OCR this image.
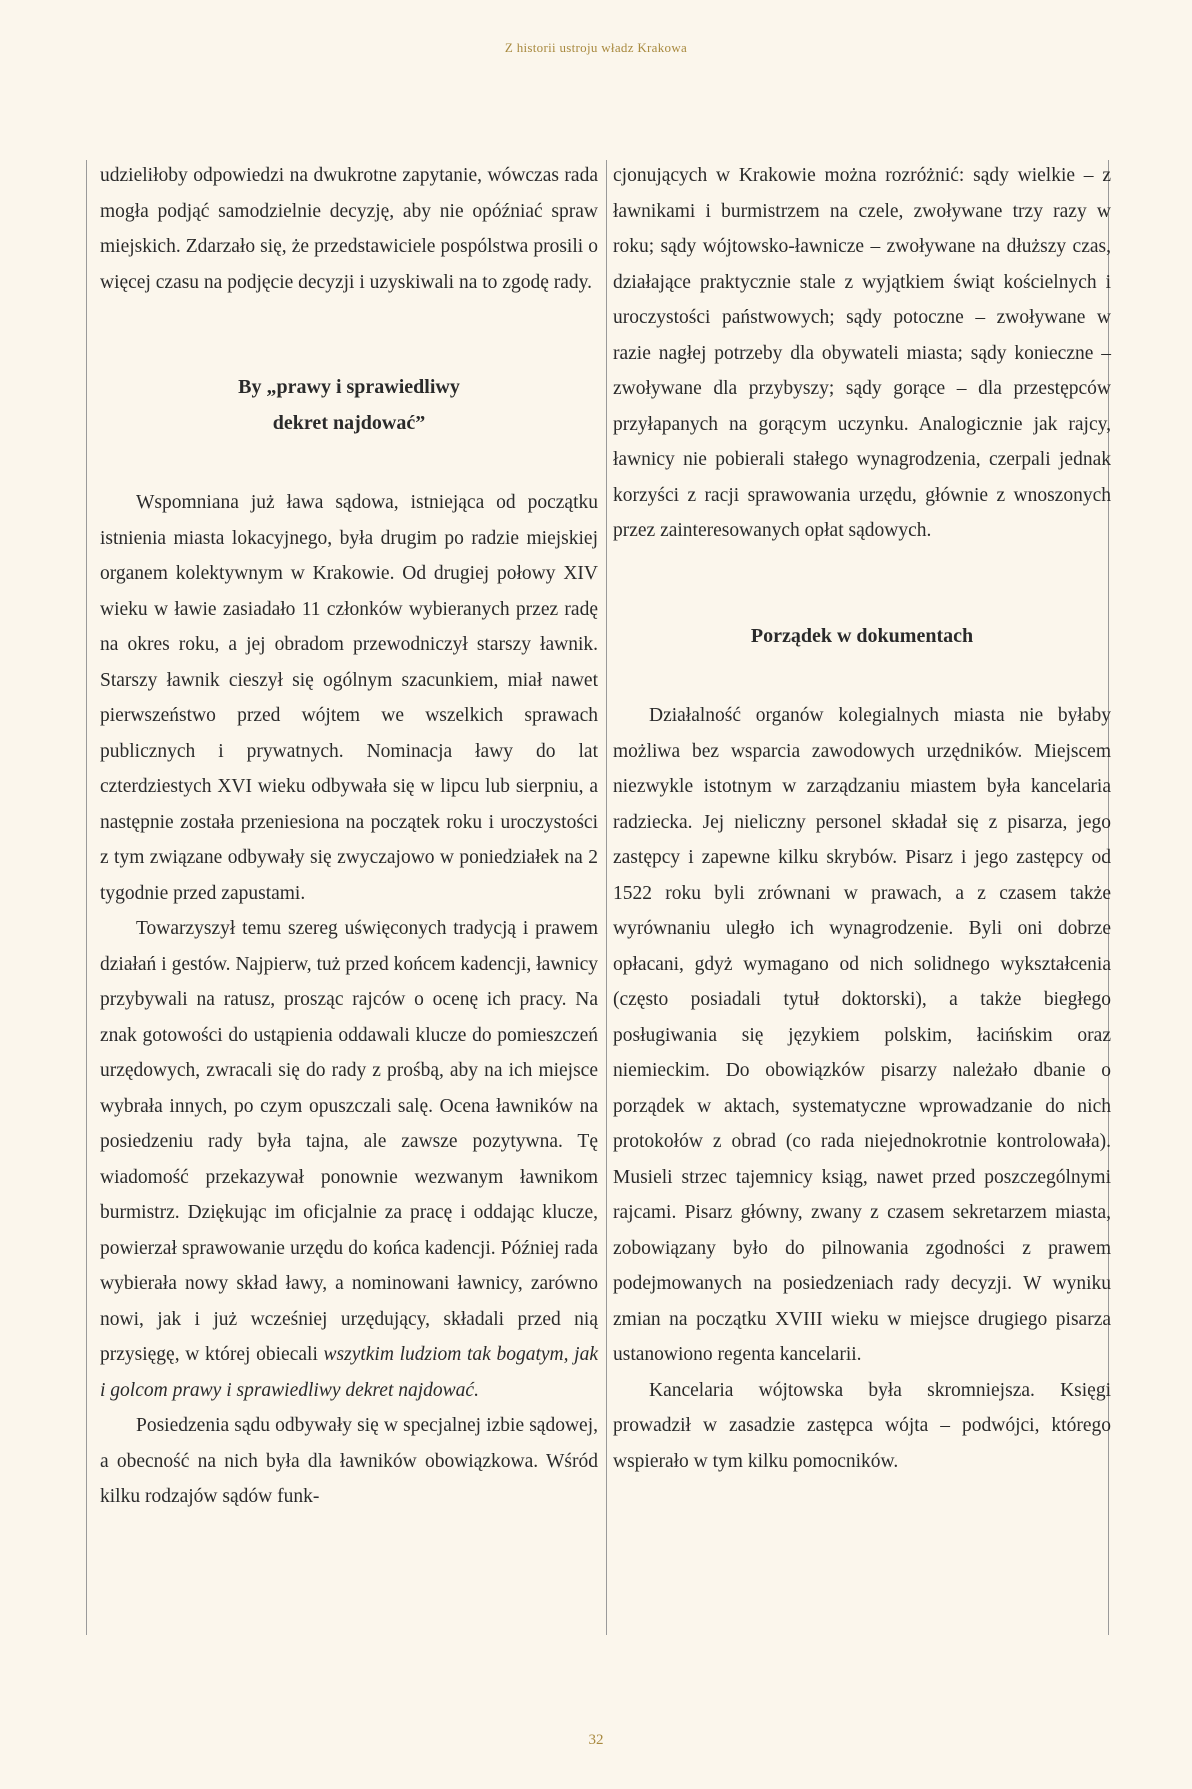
Z historii ustroju władz Krakowa

udzieliłoby odpowiedzi na dwukrotne zapytanie, wówczas rada mogła podjąć samodzielnie decyzję, aby nie opóźniać spraw miejskich. Zdarzało się, że przedstawiciele pospólstwa prosili o więcej czasu na podjęcie decyzji i uzyskiwali na to zgodę rady.

By „prawy i sprawiedliwy
dekret najdować”

Wspomniana już ława sądowa, istniejąca od początku istnienia miasta lokacyjnego, była drugim po radzie miejskiej organem kolektywnym w Krakowie. Od drugiej połowy XIV wieku w ławie zasiadało 11 członków wybieranych przez radę na okres roku, a jej obradom przewodniczył starszy ławnik. Starszy ławnik cieszył się ogólnym szacunkiem, miał nawet pierwszeństwo przed wójtem we wszelkich sprawach publicznych i prywatnych. Nominacja ławy do lat czterdziestych XVI wieku odbywała się w lipcu lub sierpniu, a następnie została przeniesiona na początek roku i uroczystości z tym związane odbywały się zwyczajowo w poniedziałek na 2 tygodnie przed zapustami.

Towarzyszył temu szereg uświęconych tradycją i prawem działań i gestów. Najpierw, tuż przed końcem kadencji, ławnicy przybywali na ratusz, prosząc rajców o ocenę ich pracy. Na znak gotowości do ustąpienia oddawali klucze do pomieszczeń urzędowych, zwracali się do rady z prośbą, aby na ich miejsce wybrała innych, po czym opuszczali salę. Ocena ławników na posiedzeniu rady była tajna, ale zawsze pozytywna. Tę wiadomość przekazywał ponownie wezwanym ławnikom burmistrz. Dziękując im oficjalnie za pracę i oddając klucze, powierzał sprawowanie urzędu do końca kadencji. Później rada wybierała nowy skład ławy, a nominowani ławnicy, zarówno nowi, jak i już wcześniej urzędujący, składali przed nią przysięgę, w której obiecali wszytkim ludziom tak bogatym, jak i golcom prawy i sprawiedliwy dekret najdować.

Posiedzenia sądu odbywały się w specjalnej izbie sądowej, a obecność na nich była dla ławników obowiązkowa. Wśród kilku rodzajów sądów funk-

cjonujących w Krakowie można rozróżnić: sądy wielkie – z ławnikami i burmistrzem na czele, zwoływane trzy razy w roku; sądy wójtowsko-ławnicze – zwoływane na dłuższy czas, działające praktycznie stale z wyjątkiem świąt kościelnych i uroczystości państwowych; sądy potoczne – zwoływane w razie nagłej potrzeby dla obywateli miasta; sądy konieczne – zwoływane dla przybyszy; sądy gorące – dla przestępców przyłapanych na gorącym uczynku. Analogicznie jak rajcy, ławnicy nie pobierali stałego wynagrodzenia, czerpali jednak korzyści z racji sprawowania urzędu, głównie z wnoszonych przez zainteresowanych opłat sądowych.

Porządek w dokumentach

Działalność organów kolegialnych miasta nie byłaby możliwa bez wsparcia zawodowych urzędników. Miejscem niezwykle istotnym w zarządzaniu miastem była kancelaria radziecka. Jej nieliczny personel składał się z pisarza, jego zastępcy i zapewne kilku skrybów. Pisarz i jego zastępcy od 1522 roku byli zrównani w prawach, a z czasem także wyrównaniu uległo ich wynagrodzenie. Byli oni dobrze opłacani, gdyż wymagano od nich solidnego wykształcenia (często posiadali tytuł doktorski), a także biegłego posługiwania się językiem polskim, łacińskim oraz niemieckim. Do obowiązków pisarzy należało dbanie o porządek w aktach, systematyczne wprowadzanie do nich protokołów z obrad (co rada niejednokrotnie kontrolowała). Musieli strzec tajemnicy ksiąg, nawet przed poszczególnymi rajcami. Pisarz główny, zwany z czasem sekretarzem miasta, zobowiązany było do pilnowania zgodności z prawem podejmowanych na posiedzeniach rady decyzji. W wyniku zmian na początku XVIII wieku w miejsce drugiego pisarza ustanowiono regenta kancelarii.

Kancelaria wójtowska była skromniejsza. Księgi prowadził w zasadzie zastępca wójta – podwójci, którego wspierało w tym kilku pomocników.

32
